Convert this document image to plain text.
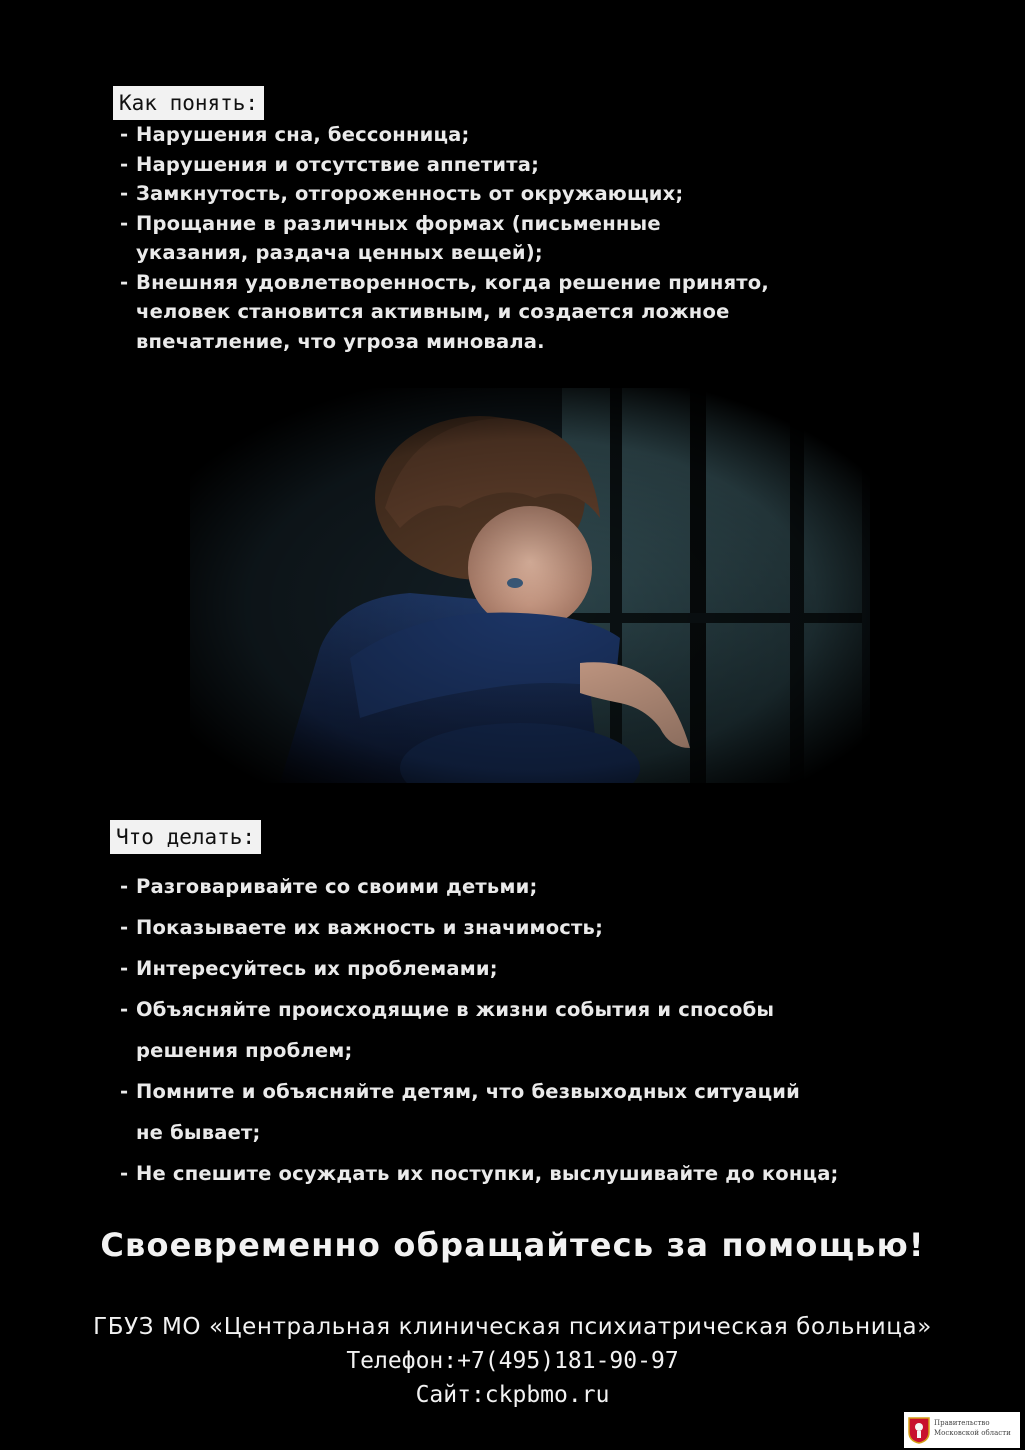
Как понять:
- Нарушения сна, бессонница;
- Нарушения и отсутствие аппетита;
- Замкнутость, отгороженность от окружающих;
- Прощание в различных формах (письменные указания, раздача ценных вещей);
- Внешняя удовлетворенность, когда решение принято, человек становится активным, и создается ложное впечатление, что угроза миновала.
Что делать:
- Разговаривайте со своими детьми;
- Показываете их важность и значимость;
- Интересуйтесь их проблемами;
- Объясняйте происходящие в жизни события и способы решения проблем;
- Помните и объясняйте детям, что безвыходных ситуаций не бывает;
- Не спешите осуждать их поступки, выслушивайте до конца;
Своевременно обращайтесь за помощью!
ГБУЗ МО «Центральная клиническая психиатрическая больница»
Телефон:+7(495)181-90-97
Сайт:ckpbmo.ru
Правительство Московской области
